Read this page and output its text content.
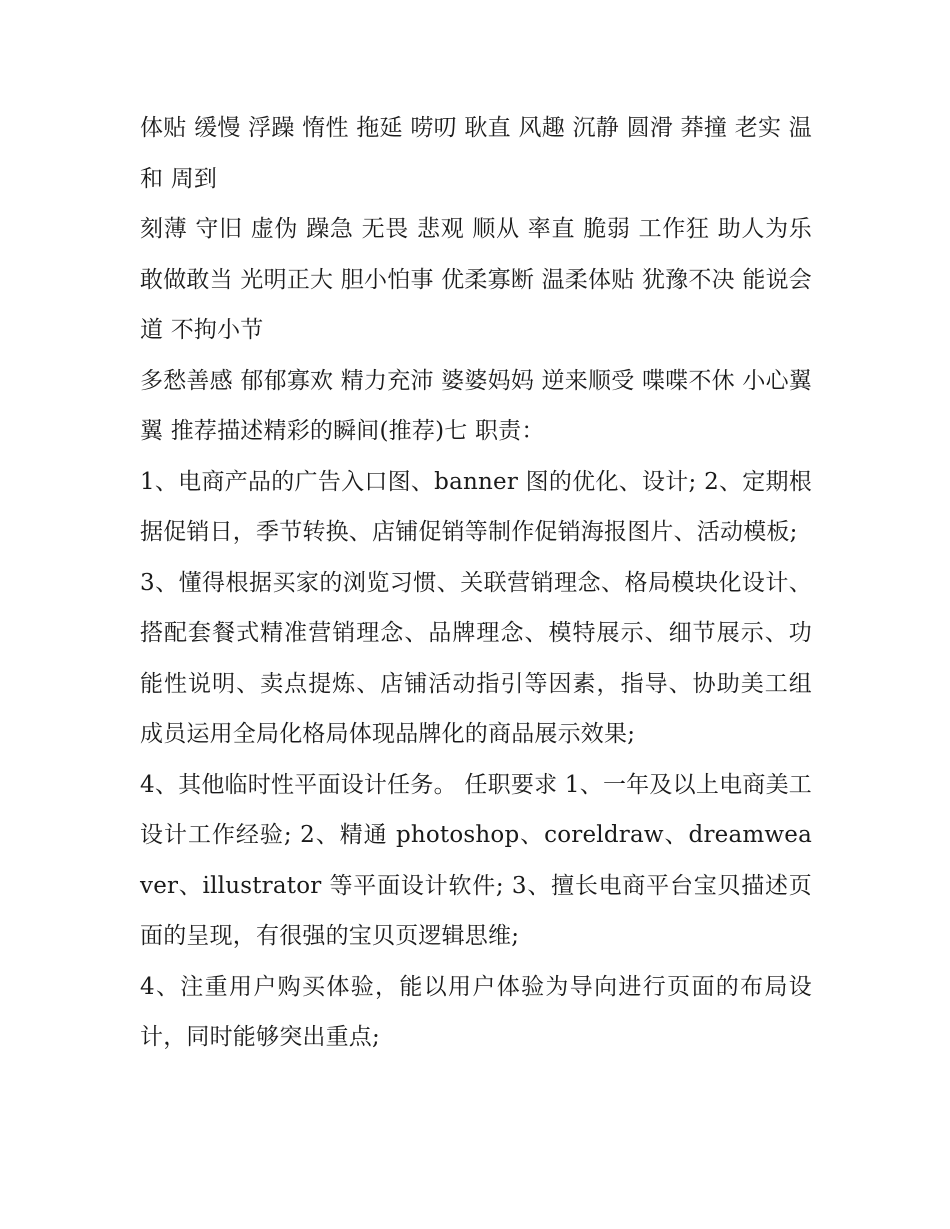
体贴 缓慢 浮躁 惰性 拖延 唠叨 耿直 风趣 沉静 圆滑 莽撞 老实 温和 周到

刻薄 守旧 虚伪 躁急 无畏 悲观 顺从 率直 脆弱 工作狂 助人为乐 敢做敢当 光明正大 胆小怕事 优柔寡断 温柔体贴 犹豫不决 能说会道 不拘小节

多愁善感 郁郁寡欢 精力充沛 婆婆妈妈 逆来顺受 喋喋不休 小心翼翼 推荐描述精彩的瞬间(推荐)七 职责：

1、电商产品的广告入口图、banner 图的优化、设计; 2、定期根据促销日，季节转换、店铺促销等制作促销海报图片、活动模板;

3、懂得根据买家的浏览习惯、关联营销理念、格局模块化设计、搭配套餐式精准营销理念、品牌理念、模特展示、细节展示、功能性说明、卖点提炼、店铺活动指引等因素，指导、协助美工组成员运用全局化格局体现品牌化的商品展示效果;

4、其他临时性平面设计任务。 任职要求 1、一年及以上电商美工设计工作经验; 2、精通 photoshop、coreldraw、dreamweaver、illustrator 等平面设计软件; 3、擅长电商平台宝贝描述页面的呈现，有很强的宝贝页逻辑思维;

4、注重用户购买体验，能以用户体验为导向进行页面的布局设计，同时能够突出重点;
